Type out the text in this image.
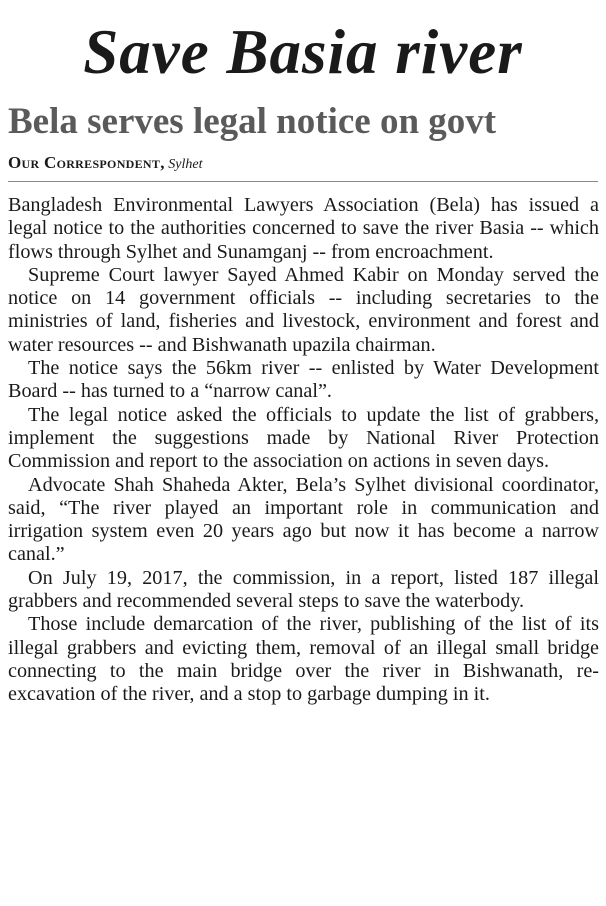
Save Basia river
Bela serves legal notice on govt
Our Correspondent, Sylhet

Bangladesh Environmental Lawyers Association (Bela) has issued a legal notice to the authorities concerned to save the river Basia -- which flows through Sylhet and Sunamganj -- from encroachment.

Supreme Court lawyer Sayed Ahmed Kabir on Monday served the notice on 14 government officials -- including secretaries to the ministries of land, fisheries and livestock, environment and forest and water resources -- and Bishwanath upazila chairman.

The notice says the 56km river -- enlisted by Water Development Board -- has turned to a “narrow canal”.

The legal notice asked the officials to update the list of grabbers, implement the suggestions made by National River Protection Commission and report to the association on actions in seven days.

Advocate Shah Shaheda Akter, Bela’s Sylhet divisional coordinator, said, “The river played an important role in communication and irrigation system even 20 years ago but now it has become a narrow canal.”

On July 19, 2017, the commission, in a report, listed 187 illegal grabbers and recommended several steps to save the waterbody.

Those include demarcation of the river, publishing of the list of its illegal grabbers and evicting them, removal of an illegal small bridge connecting to the main bridge over the river in Bishwanath, re-excavation of the river, and a stop to garbage dumping in it.
